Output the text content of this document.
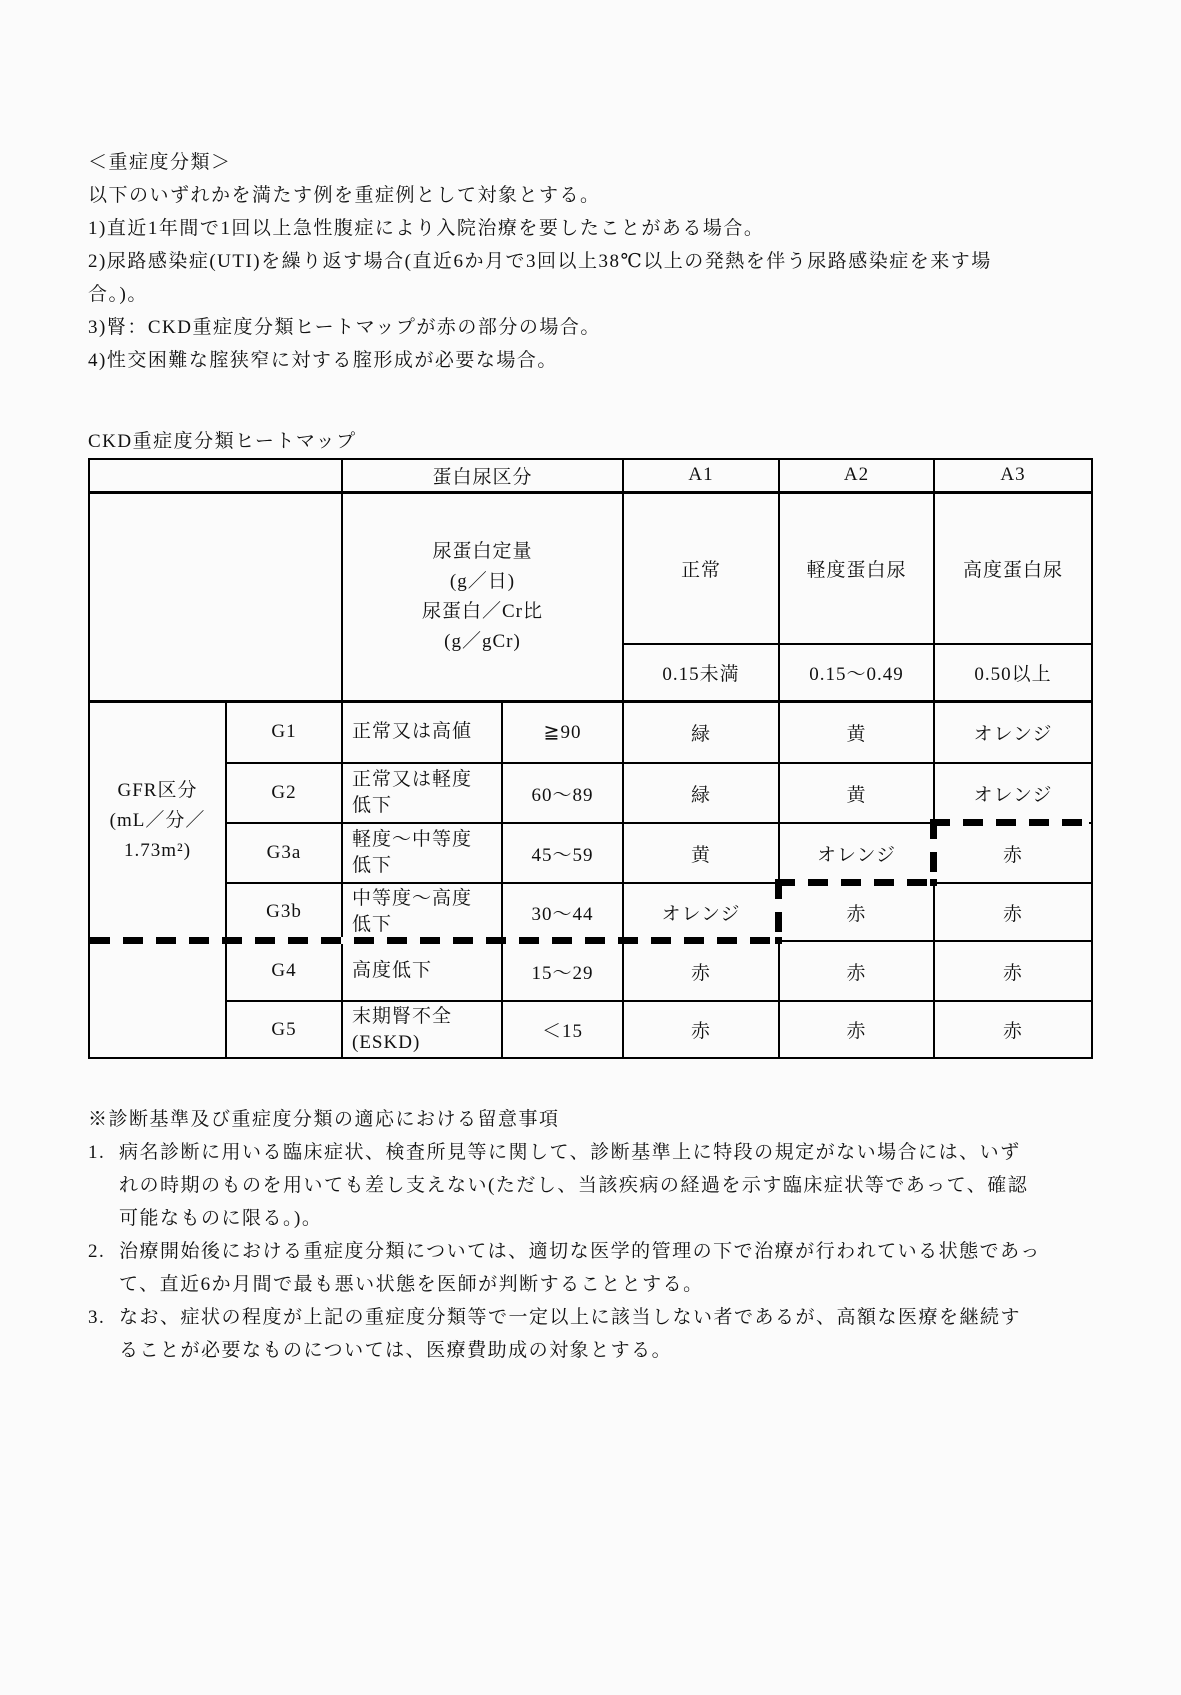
＜重症度分類＞
以下のいずれかを満たす例を重症例として対象とする。
1)直近1年間で1回以上急性腹症により入院治療を要したことがある場合。
2)尿路感染症(UTI)を繰り返す場合(直近6か月で3回以上38℃以上の発熱を伴う尿路感染症を来す場
合。)。
3)腎：CKD重症度分類ヒートマップが赤の部分の場合。
4)性交困難な腟狭窄に対する腟形成が必要な場合。
CKD重症度分類ヒートマップ
		蛋白尿区分		A1	A2	A3
		尿蛋白定量
(g／日)
尿蛋白／Cr比
(g／gCr)		正常	軽度蛋白尿	高度蛋白尿
				0.15未満	0.15〜0.49	0.50以上
GFR区分
(mL／分／
1.73m²)	G1	正常又は高値	≧90	緑	黄	オレンジ
	G2	正常又は軽度
低下	60〜89	緑	黄	オレンジ
	G3a	軽度〜中等度
低下	45〜59	黄	オレンジ	赤
	G3b	中等度〜高度
低下	30〜44	オレンジ	赤	赤
	G4	高度低下	15〜29	赤	赤	赤
	G5	末期腎不全
(ESKD)	＜15	赤	赤	赤
※診断基準及び重症度分類の適応における留意事項
1. 病名診断に用いる臨床症状、検査所見等に関して、診断基準上に特段の規定がない場合には、いず
れの時期のものを用いても差し支えない(ただし、当該疾病の経過を示す臨床症状等であって、確認
可能なものに限る。)。
2. 治療開始後における重症度分類については、適切な医学的管理の下で治療が行われている状態であっ
て、直近6か月間で最も悪い状態を医師が判断することとする。
3. なお、症状の程度が上記の重症度分類等で一定以上に該当しない者であるが、高額な医療を継続す
ることが必要なものについては、医療費助成の対象とする。
